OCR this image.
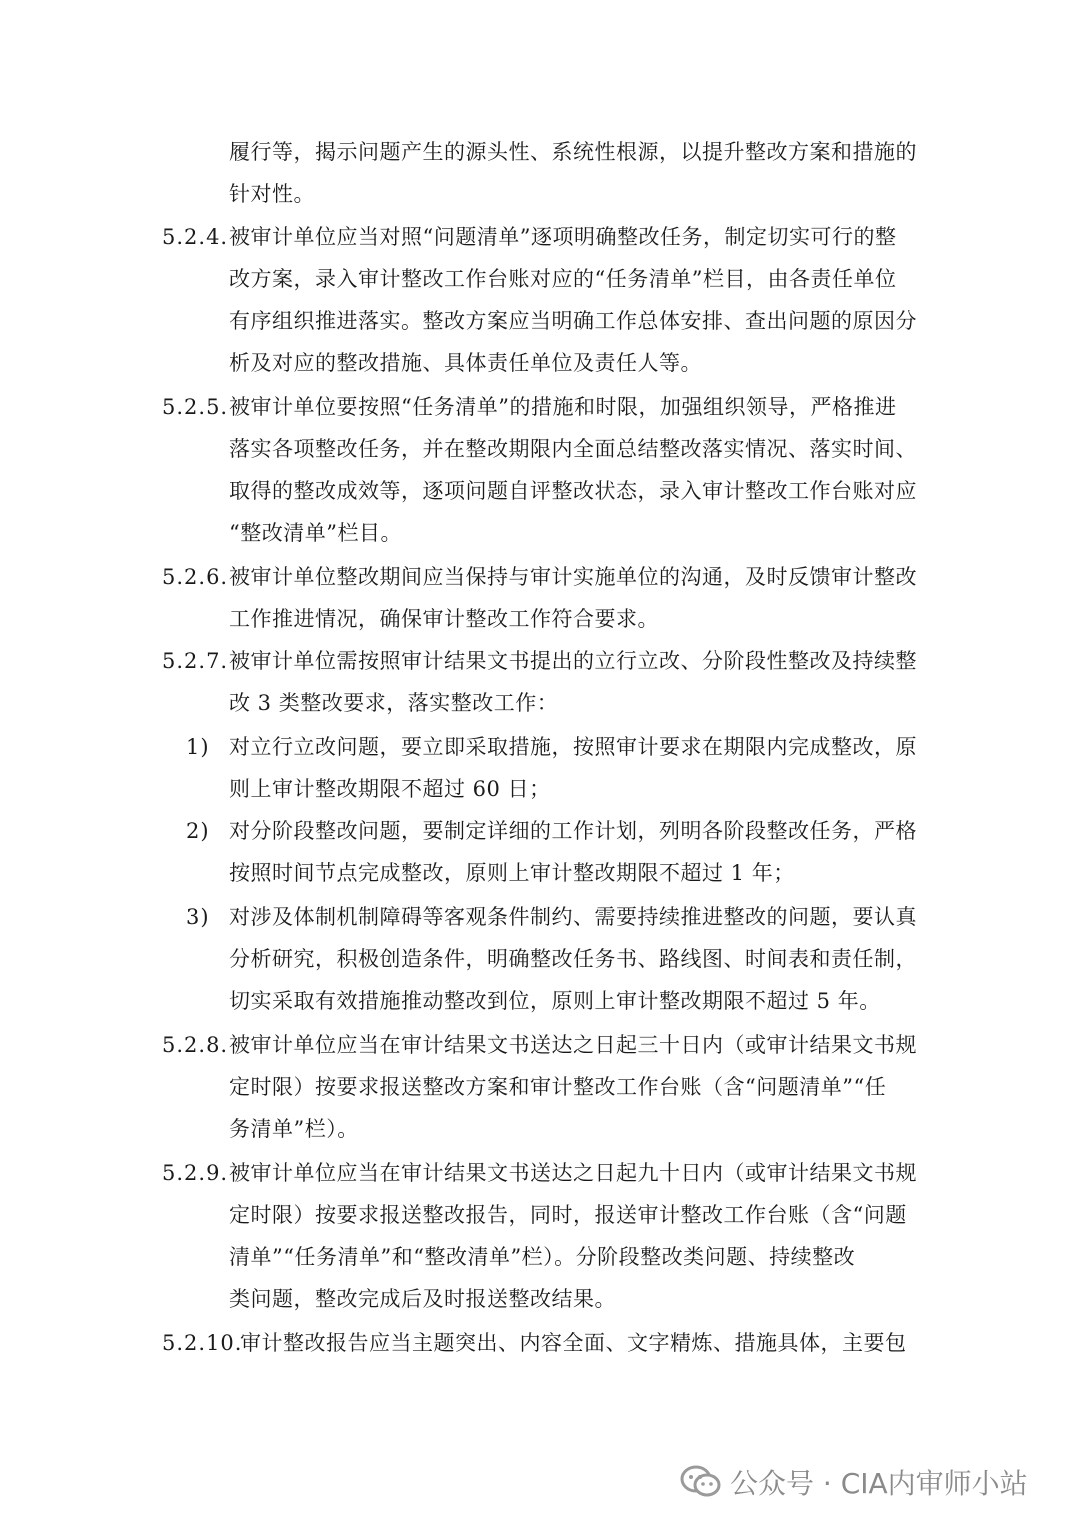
履行等，揭示问题产生的源头性、系统性根源，以提升整改方案和措施的
针对性。
5.2.4. 被审计单位应当对照“问题清单”逐项明确整改任务，制定切实可行的整
改方案，录入审计整改工作台账对应的“任务清单”栏目，由各责任单位
有序组织推进落实。整改方案应当明确工作总体安排、查出问题的原因分
析及对应的整改措施、具体责任单位及责任人等。
5.2.5. 被审计单位要按照“任务清单”的措施和时限，加强组织领导，严格推进
落实各项整改任务，并在整改期限内全面总结整改落实情况、落实时间、
取得的整改成效等，逐项问题自评整改状态，录入审计整改工作台账对应
“整改清单”栏目。
5.2.6. 被审计单位整改期间应当保持与审计实施单位的沟通，及时反馈审计整改
工作推进情况，确保审计整改工作符合要求。
5.2.7. 被审计单位需按照审计结果文书提出的立行立改、分阶段性整改及持续整
改 3 类整改要求，落实整改工作：
1) 对立行立改问题，要立即采取措施，按照审计要求在期限内完成整改，原
则上审计整改期限不超过 60 日；
2) 对分阶段整改问题，要制定详细的工作计划，列明各阶段整改任务，严格
按照时间节点完成整改，原则上审计整改期限不超过 1 年；
3) 对涉及体制机制障碍等客观条件制约、需要持续推进整改的问题，要认真
分析研究，积极创造条件，明确整改任务书、路线图、时间表和责任制，
切实采取有效措施推动整改到位，原则上审计整改期限不超过 5 年。
5.2.8. 被审计单位应当在审计结果文书送达之日起三十日内（或审计结果文书规
定时限）按要求报送整改方案和审计整改工作台账（含“问题清单”“任
务清单”栏）。
5.2.9. 被审计单位应当在审计结果文书送达之日起九十日内（或审计结果文书规
定时限）按要求报送整改报告，同时，报送审计整改工作台账（含“问题
清单”“任务清单”和“整改清单”栏）。分阶段整改类问题、持续整改
类问题，整改完成后及时报送整改结果。
5.2.10.
审计整改报告应当主题突出、内容全面、文字精炼、措施具体，主要包
公众号 · CIA内审师小站
